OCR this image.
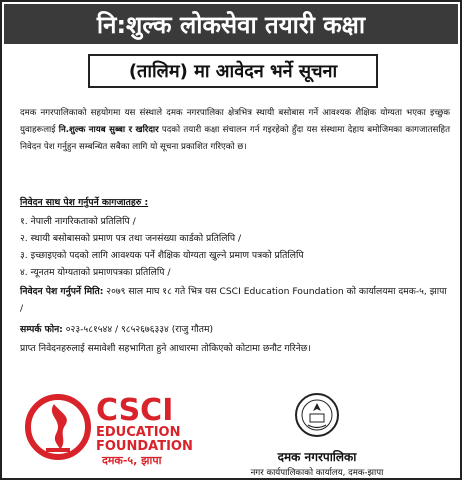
नि:शुल्क लोकसेवा तयारी कक्षा
(तालिम) मा आवेदन भर्ने सूचना
दमक नगरपालिकाको सहयोगमा यस संस्थाले दमक नगरपालिका क्षेत्रभित्र स्थायी बसोबास गर्ने आवश्यक शैक्षिक योग्यता भएका इच्छुक युवाहरूलाई नि.शुल्क नायब सुब्बा र खरिदार पदको तयारी कक्षा संचालन गर्न गइरहेको हुँदा यस संस्थामा देहाय बमोजिमका कागजातसहित निवेदन पेश गर्नुहुन सम्बन्धित सबैका लागि यो सूचना प्रकाशित गरिएको छ।
निवेदन साथ पेश गर्नुपर्ने कागजातहरु :
१. नेपाली नागरिकताको प्रतिलिपि /
२. स्थायी बसोबासको प्रमाण पत्र तथा जनसंख्या कार्डको प्रतिलिपि /
३. इच्छाइएको पदको लागि आवश्यक पर्ने शैक्षिक योग्यता खुल्ने प्रमाण पत्रको प्रतिलिपि
४. न्यूनतम योग्यताको प्रमाणपत्रका प्रतिलिपि /
निवेदन पेश गर्नुपर्ने मिति: २०७९ साल माघ १८ गते भित्र यस CSCI Education Foundation को कार्यालयमा दमक-५, झापा /
सम्पर्क फोन: ०२३-५८१५४४ / ९८५२६७६३३४ (राजु गौतम)
प्राप्त निवेदनहरुलाई समावेशी सहभागिता हुने आधारमा तोकिएको कोटामा छनौट गरिनेछ।
CSCI
EDUCATION
FOUNDATION
दमक-५, झापा	दमक नगरपालिका
नगर कार्यपालिकाको कार्यालय, दमक-झापा
